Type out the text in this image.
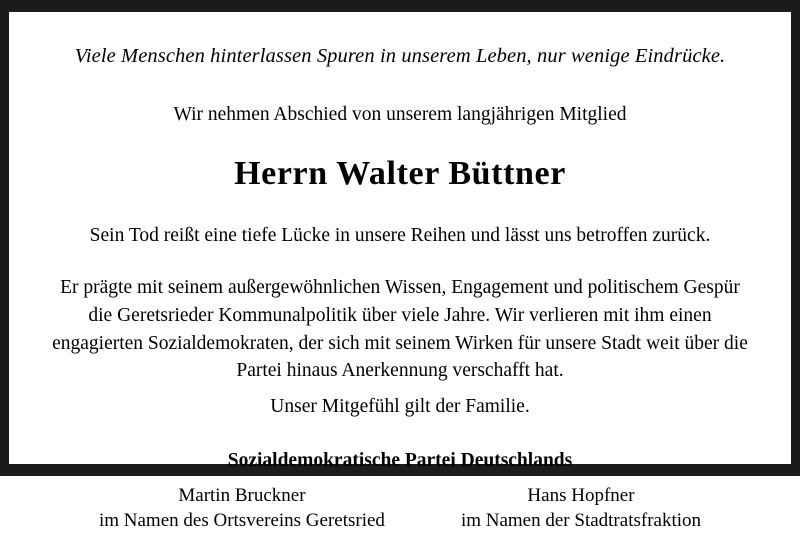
Viele Menschen hinterlassen Spuren in unserem Leben, nur wenige Eindrücke.

Wir nehmen Abschied von unserem langjährigen Mitglied

Herrn Walter Büttner

Sein Tod reißt eine tiefe Lücke in unsere Reihen und lässt uns betroffen zurück.

Er prägte mit seinem außergewöhnlichen Wissen, Engagement und politischem Gespür
die Geretsrieder Kommunalpolitik über viele Jahre. Wir verlieren mit ihm einen
engagierten Sozialdemokraten, der sich mit seinem Wirken für unsere Stadt weit über die
Partei hinaus Anerkennung verschafft hat.

Unser Mitgefühl gilt der Familie.

Sozialdemokratische Partei Deutschlands

Martin Bruckner
im Namen des Ortsvereins Geretsried
Hans Hopfner
im Namen der Stadtratsfraktion
